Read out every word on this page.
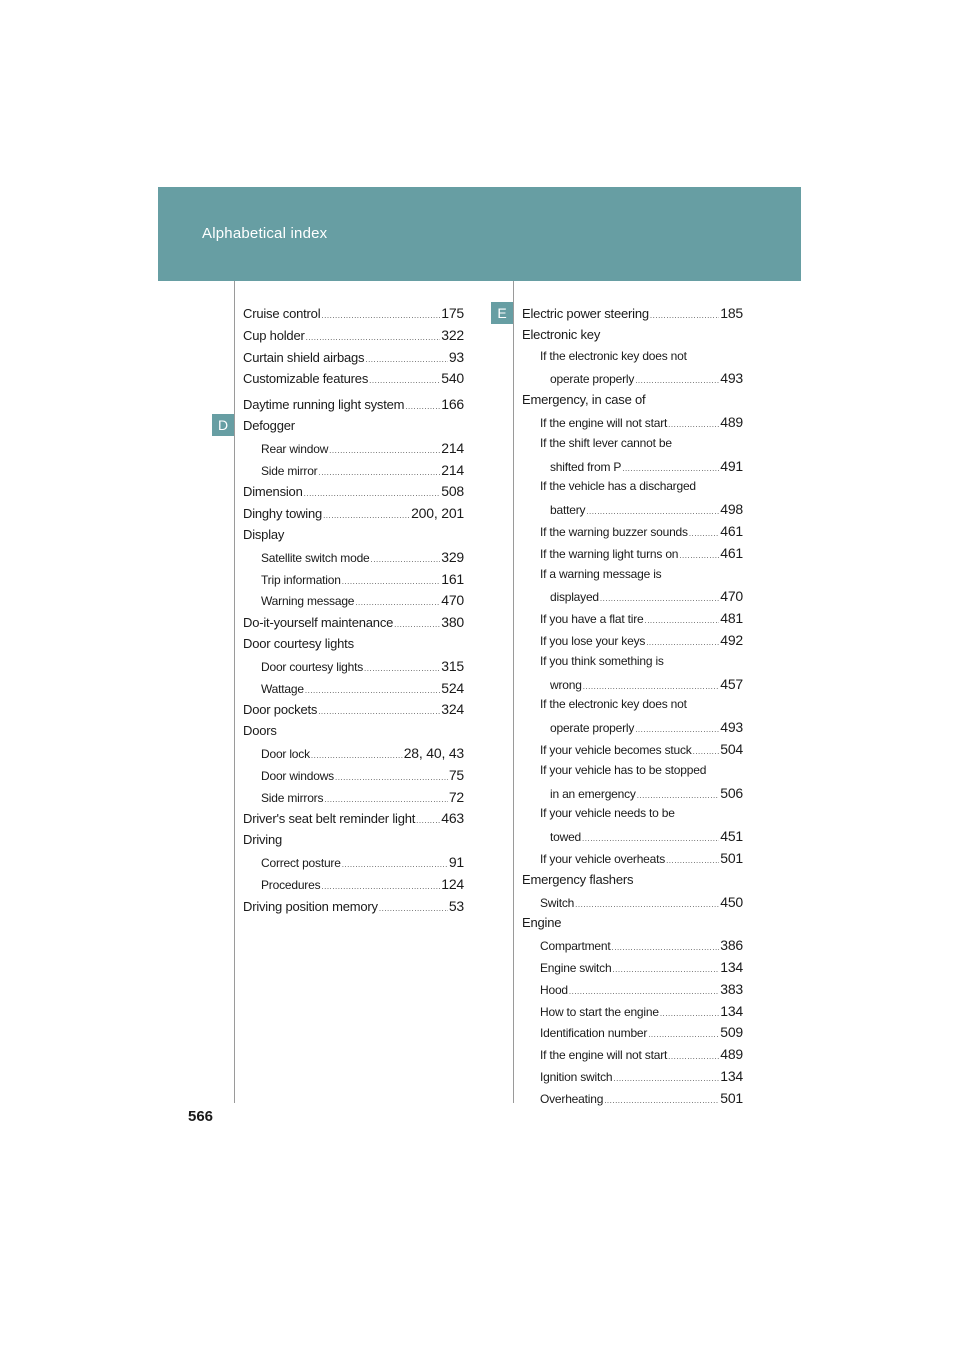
Alphabetical index
D
E
Cruise control .....	175
Cup holder .....	322
Curtain shield airbags .....	93
Customizable features .....	540
Daytime running light system .....	166
Defogger
Rear window .....	214
Side mirror .....	214
Dimension .....	508
Dinghy towing .....	200, 201
Display
Satellite switch mode .....	329
Trip information .....	161
Warning message .....	470
Do-it-yourself maintenance .....	380
Door courtesy lights
Door courtesy lights .....	315
Wattage .....	524
Door pockets .....	324
Doors
Door lock .....	28, 40, 43
Door windows .....	75
Side mirrors .....	72
Driver's seat belt reminder light ..... 463
Driving
Correct posture .....	91
Procedures .....	124
Driving position memory .....	53
Electric power steering .....	185
Electronic key
If the electronic key does not
operate properly .....	493
Emergency, in case of
If the engine will not start .....	489
If the shift lever cannot be
shifted from P .....	491
If the vehicle has a discharged
battery .....	498
If the warning buzzer sounds ..... 461
If the warning light turns on .....	461
If a warning message is
displayed .....	470
If you have a flat tire .....	481
If you lose your keys .....	492
If you think something is
wrong .....	457
If the electronic key does not
operate properly .....	493
If your vehicle becomes stuck ..... 504
If your vehicle has to be stopped
in an emergency .....	506
If your vehicle needs to be
towed .....	451
If your vehicle overheats .....	501
Emergency flashers
Switch .....	450
Engine
Compartment .....	386
Engine switch .....	134
Hood .....	383
How to start the engine .....	134
Identification number .....	509
If the engine will not start .....	489
Ignition switch .....	134
Overheating .....	501
566
